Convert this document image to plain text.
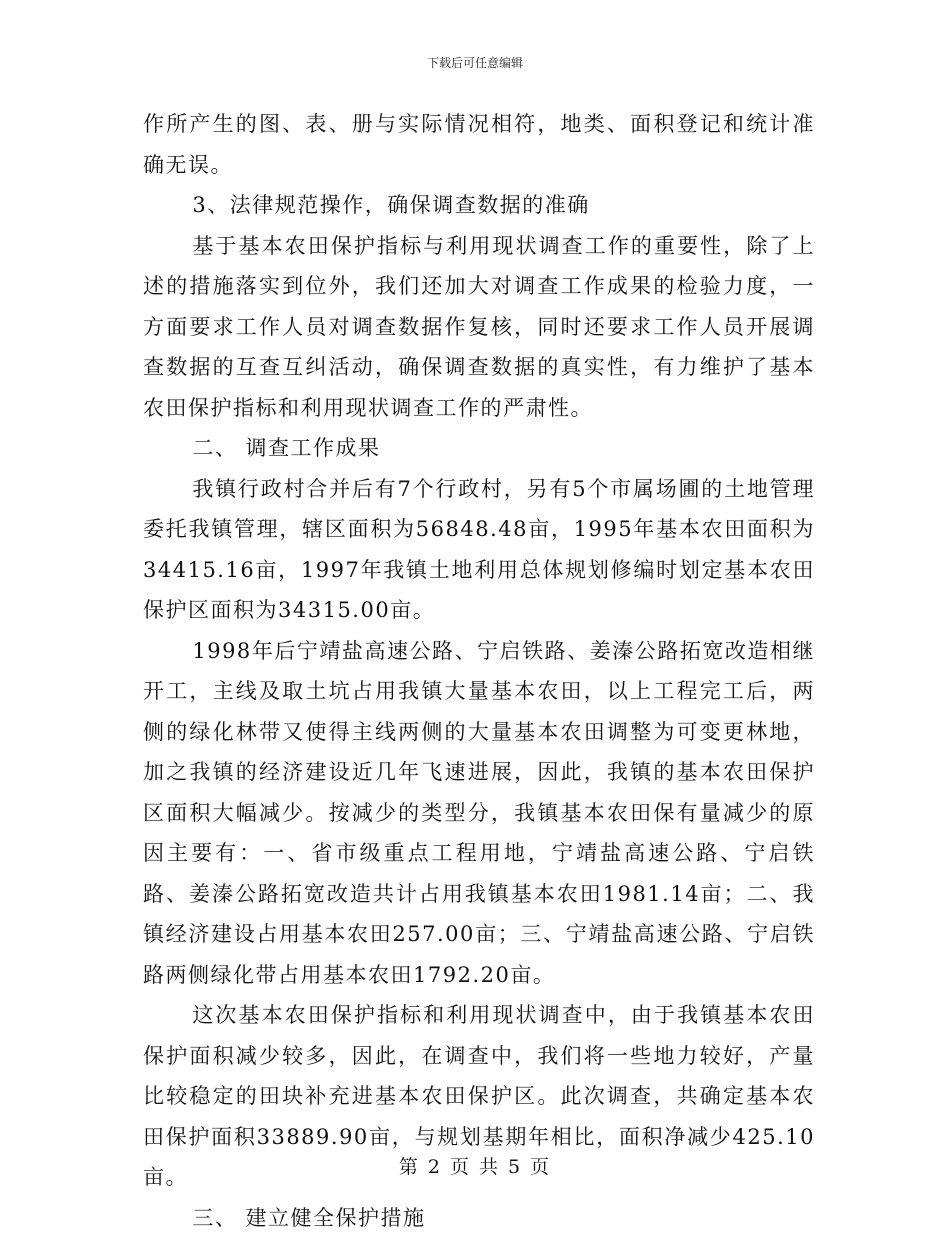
下载后可任意编辑

作所产生的图、表、册与实际情况相符，地类、面积登记和统计准确无误。

3、法律规范操作，确保调查数据的准确

基于基本农田保护指标与利用现状调查工作的重要性，除了上述的措施落实到位外，我们还加大对调查工作成果的检验力度，一方面要求工作人员对调查数据作复核，同时还要求工作人员开展调查数据的互查互纠活动，确保调查数据的真实性，有力维护了基本农田保护指标和利用现状调查工作的严肃性。

二、 调查工作成果

我镇行政村合并后有7个行政村，另有5个市属场圃的土地管理委托我镇管理，辖区面积为56848.48亩，1995年基本农田面积为34415.16亩，1997年我镇土地利用总体规划修编时划定基本农田保护区面积为34315.00亩。

1998年后宁靖盐高速公路、宁启铁路、姜溱公路拓宽改造相继开工，主线及取土坑占用我镇大量基本农田，以上工程完工后，两侧的绿化林带又使得主线两侧的大量基本农田调整为可变更林地，加之我镇的经济建设近几年飞速进展，因此，我镇的基本农田保护区面积大幅减少。按减少的类型分，我镇基本农田保有量减少的原因主要有：一、省市级重点工程用地，宁靖盐高速公路、宁启铁路、姜溱公路拓宽改造共计占用我镇基本农田1981.14亩；二、我镇经济建设占用基本农田257.00亩；三、宁靖盐高速公路、宁启铁路两侧绿化带占用基本农田1792.20亩。

这次基本农田保护指标和利用现状调查中，由于我镇基本农田保护面积减少较多，因此，在调查中，我们将一些地力较好，产量比较稳定的田块补充进基本农田保护区。此次调查，共确定基本农田保护面积33889.90亩，与规划基期年相比，面积净减少425.10亩。

三、 建立健全保护措施

第 2 页 共 5 页
